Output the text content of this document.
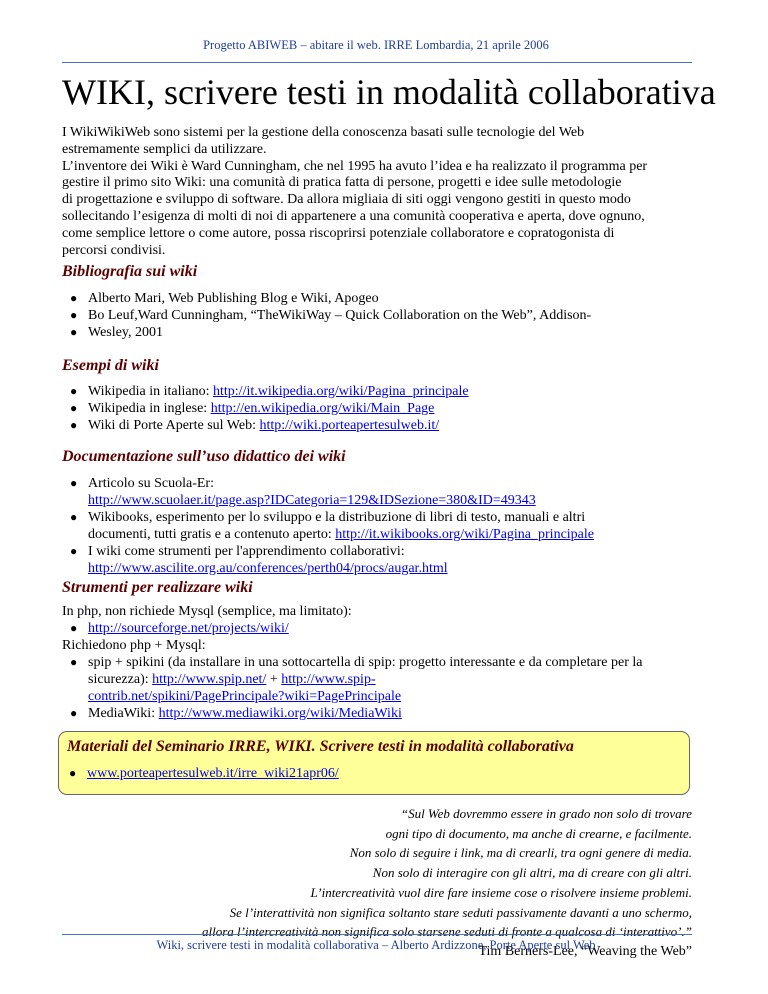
Progetto ABIWEB – abitare il web. IRRE Lombardia, 21 aprile 2006
WIKI, scrivere testi in modalità collaborativa

I WikiWikiWeb sono sistemi per la gestione della conoscenza basati sulle tecnologie del Web

estremamente semplici da utilizzare.

L’inventore dei Wiki è Ward Cunningham, che nel 1995 ha avuto l’idea e ha realizzato il programma per

gestire il primo sito Wiki: una comunità di pratica fatta di persone, progetti e idee sulle metodologie

di progettazione e sviluppo di software. Da allora migliaia di siti oggi vengono gestiti in questo modo

sollecitando l’esigenza di molti di noi di appartenere a una comunità cooperativa e aperta, dove ognuno,

come semplice lettore o come autore, possa riscoprirsi potenziale collaboratore e copratogonista di

percorsi condivisi.

Bibliografia sui wiki
● Alberto Mari, Web Publishing Blog e Wiki, Apogeo
● Bo Leuf,Ward Cunningham, “TheWikiWay – Quick Collaboration on the Web”, Addison-
● Wesley, 2001
Esempi di wiki
● Wikipedia in italiano: http://it.wikipedia.org/wiki/Pagina_principale
● Wikipedia in inglese: http://en.wikipedia.org/wiki/Main_Page
● Wiki di Porte Aperte sul Web: http://wiki.porteapertesulweb.it/
Documentazione sull’uso didattico dei wiki
● Articolo su Scuola-Er:
http://www.scuolaer.it/page.asp?IDCategoria=129&IDSezione=380&ID=49343
● Wikibooks, esperimento per lo sviluppo e la distribuzione di libri di testo, manuali e altri
documenti, tutti gratis e a contenuto aperto: http://it.wikibooks.org/wiki/Pagina_principale
● I wiki come strumenti per l'apprendimento collaborativi:
http://www.ascilite.org.au/conferences/perth04/procs/augar.html
Strumenti per realizzare wiki
In php, non richiede Mysql (semplice, ma limitato):
● http://sourceforge.net/projects/wiki/
Richiedono php + Mysql:
● spip + spikini (da installare in una sottocartella di spip: progetto interessante e da completare per la
sicurezza): http://www.spip.net/ + http://www.spip-
contrib.net/spikini/PagePrincipale?wiki=PagePrincipale
● MediaWiki: http://www.mediawiki.org/wiki/MediaWiki
Materiali del Seminario IRRE, WIKI. Scrivere testi in modalità collaborativa
● www.porteapertesulweb.it/irre_wiki21apr06/
“Sul Web dovremmo essere in grado non solo di trovare
ogni tipo di documento, ma anche di crearne, e facilmente.
Non solo di seguire i link, ma di crearli, tra ogni genere di media.
Non solo di interagire con gli altri, ma di creare con gli altri.
L’intercreatività vuol dire fare insieme cose o risolvere insieme problemi.
Se l’interattività non significa soltanto stare seduti passivamente davanti a uno schermo,
allora l’intercreatività non significa solo starsene seduti di fronte a qualcosa di ‘interattivo’.”
Tim Berners-Lee, “Weaving the Web”
Wiki, scrivere testi in modalità collaborativa – Alberto Ardizzone, Porte Aperte sul Web
